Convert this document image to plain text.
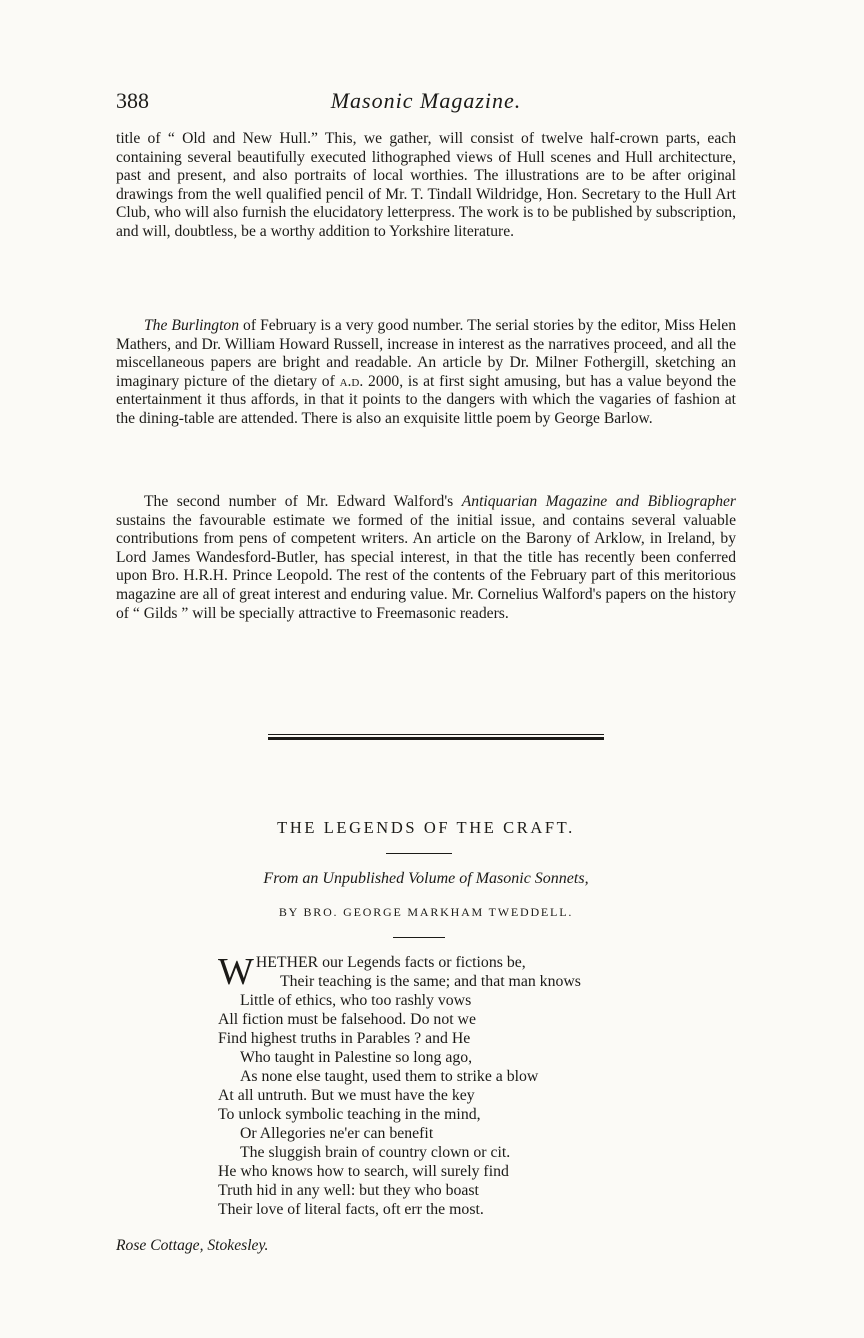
388	Masonic Magazine.

title of “ Old and New Hull.” This, we gather, will consist of twelve half-crown parts, each containing several beautifully executed lithographed views of Hull scenes and Hull architecture, past and present, and also portraits of local worthies. The illustrations are to be after original drawings from the well qualified pencil of Mr. T. Tindall Wildridge, Hon. Secretary to the Hull Art Club, who will also furnish the elucidatory letterpress. The work is to be published by subscription, and will, doubtless, be a worthy addition to Yorkshire literature.

The Burlington of February is a very good number. The serial stories by the editor, Miss Helen Mathers, and Dr. William Howard Russell, increase in interest as the narratives proceed, and all the miscellaneous papers are bright and readable. An article by Dr. Milner Fothergill, sketching an imaginary picture of the dietary of a.d. 2000, is at first sight amusing, but has a value beyond the entertainment it thus affords, in that it points to the dangers with which the vagaries of fashion at the dining-table are attended. There is also an exquisite little poem by George Barlow.

The second number of Mr. Edward Walford's Antiquarian Magazine and Bibliographer sustains the favourable estimate we formed of the initial issue, and contains several valuable contributions from pens of competent writers. An article on the Barony of Arklow, in Ireland, by Lord James Wandesford-Butler, has special interest, in that the title has recently been conferred upon Bro. H.R.H. Prince Leopold. The rest of the contents of the February part of this meritorious magazine are all of great interest and enduring value. Mr. Cornelius Walford's papers on the history of “ Gilds ” will be specially attractive to Freemasonic readers.

THE LEGENDS OF THE CRAFT.
From an Unpublished Volume of Masonic Sonnets,
BY BRO. GEORGE MARKHAM TWEDDELL.
WHETHER our Legends facts or fictions be,
Their teaching is the same; and that man knows
Little of ethics, who too rashly vows
All fiction must be falsehood. Do not we
Find highest truths in Parables ? and He
Who taught in Palestine so long ago,
As none else taught, used them to strike a blow
At all untruth. But we must have the key
To unlock symbolic teaching in the mind,
Or Allegories ne'er can benefit
The sluggish brain of country clown or cit.
He who knows how to search, will surely find
Truth hid in any well: but they who boast
Their love of literal facts, oft err the most.
Rose Cottage, Stokesley.
